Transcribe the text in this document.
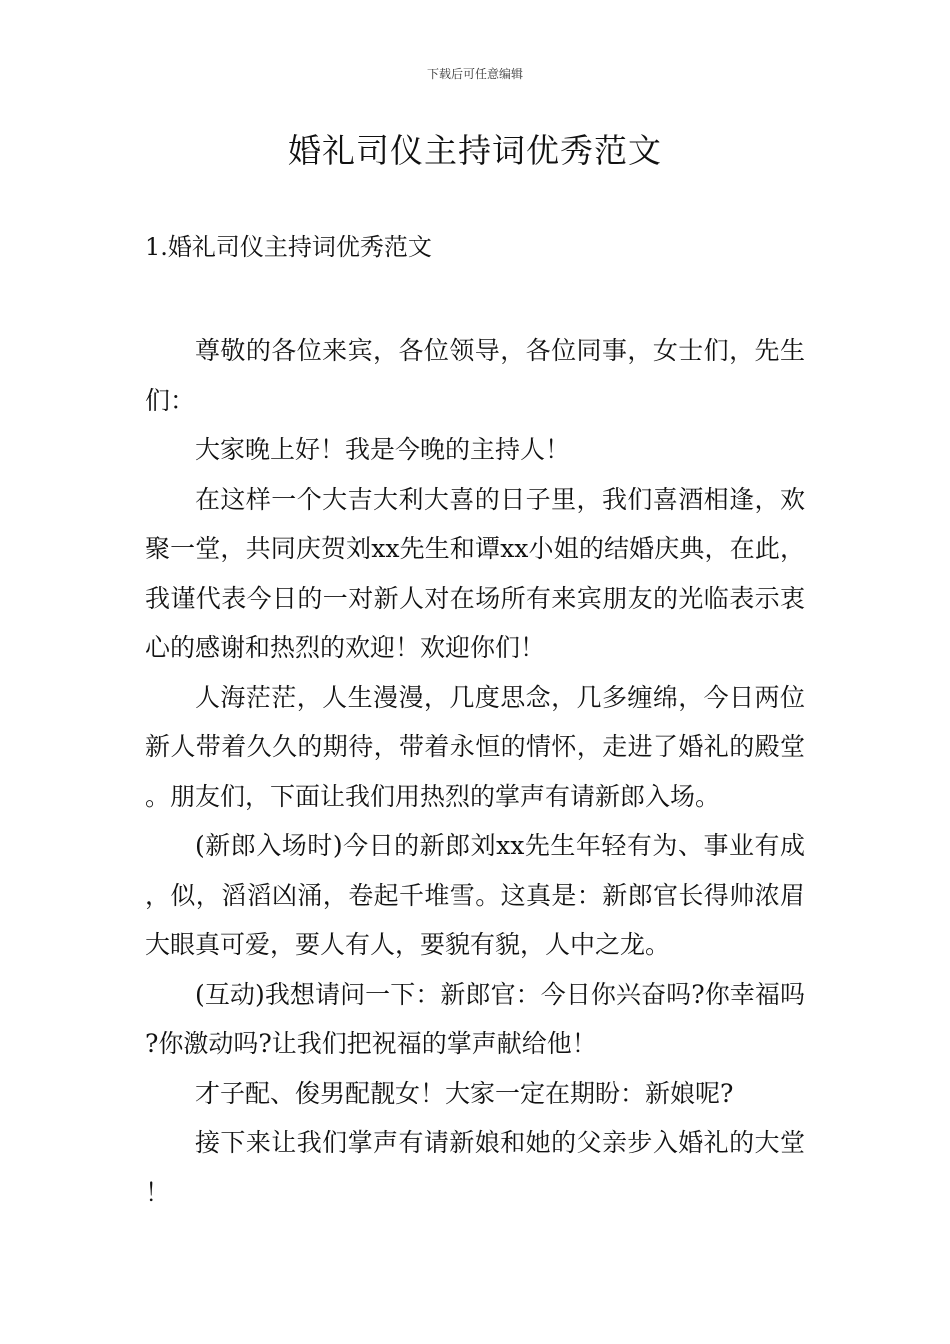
下载后可任意编辑
婚礼司仪主持词优秀范文
1.婚礼司仪主持词优秀范文

尊敬的各位来宾，各位领导，各位同事，女士们，先生们：

大家晚上好！我是今晚的主持人！

在这样一个大吉大利大喜的日子里，我们喜酒相逢，欢聚一堂，共同庆贺刘xx先生和谭xx小姐的结婚庆典，在此，我谨代表今日的一对新人对在场所有来宾朋友的光临表示衷心的感谢和热烈的欢迎！欢迎你们！

人海茫茫，人生漫漫，几度思念，几多缠绵，今日两位新人带着久久的期待，带着永恒的情怀，走进了婚礼的殿堂。朋友们，下面让我们用热烈的掌声有请新郎入场。

(新郎入场时)今日的新郎刘xx先生年轻有为、事业有成，似，滔滔凶涌，卷起千堆雪。这真是：新郎官长得帅浓眉大眼真可爱，要人有人，要貌有貌，人中之龙。

(互动)我想请问一下：新郎官：今日你兴奋吗?你幸福吗?你激动吗?让我们把祝福的掌声献给他！

才子配、俊男配靓女！大家一定在期盼：新娘呢?

接下来让我们掌声有请新娘和她的父亲步入婚礼的大堂！
